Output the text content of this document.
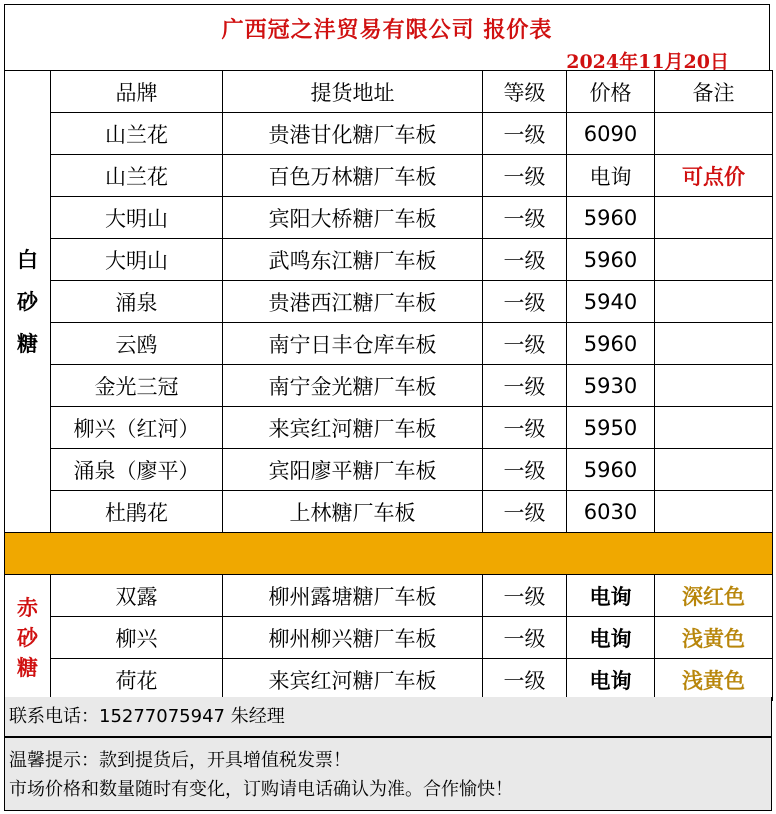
广西冠之沣贸易有限公司 报价表
2024年11月20日
白
砂
糖	品牌	提货地址	等级	价格	备注
	山兰花	贵港甘化糖厂车板	一级	6090	
	山兰花	百色万林糖厂车板	一级	电询	可点价
	大明山	宾阳大桥糖厂车板	一级	5960	
	大明山	武鸣东江糖厂车板	一级	5960	
	涌泉	贵港西江糖厂车板	一级	5940	
	云鸥	南宁日丰仓库车板	一级	5960	
	金光三冠	南宁金光糖厂车板	一级	5930	
	柳兴（红河）	来宾红河糖厂车板	一级	5950	
	涌泉（廖平）	宾阳廖平糖厂车板	一级	5960	
	杜鹃花	上林糖厂车板	一级	6030	

赤
砂
糖	双露	柳州露塘糖厂车板	一级	电询	深红色
	柳兴	柳州柳兴糖厂车板	一级	电询	浅黄色
	荷花	来宾红河糖厂车板	一级	电询	浅黄色
联系电话：15277075947 朱经理
温馨提示：款到提货后，开具增值税发票！
市场价格和数量随时有变化，订购请电话确认为准。合作愉快！
